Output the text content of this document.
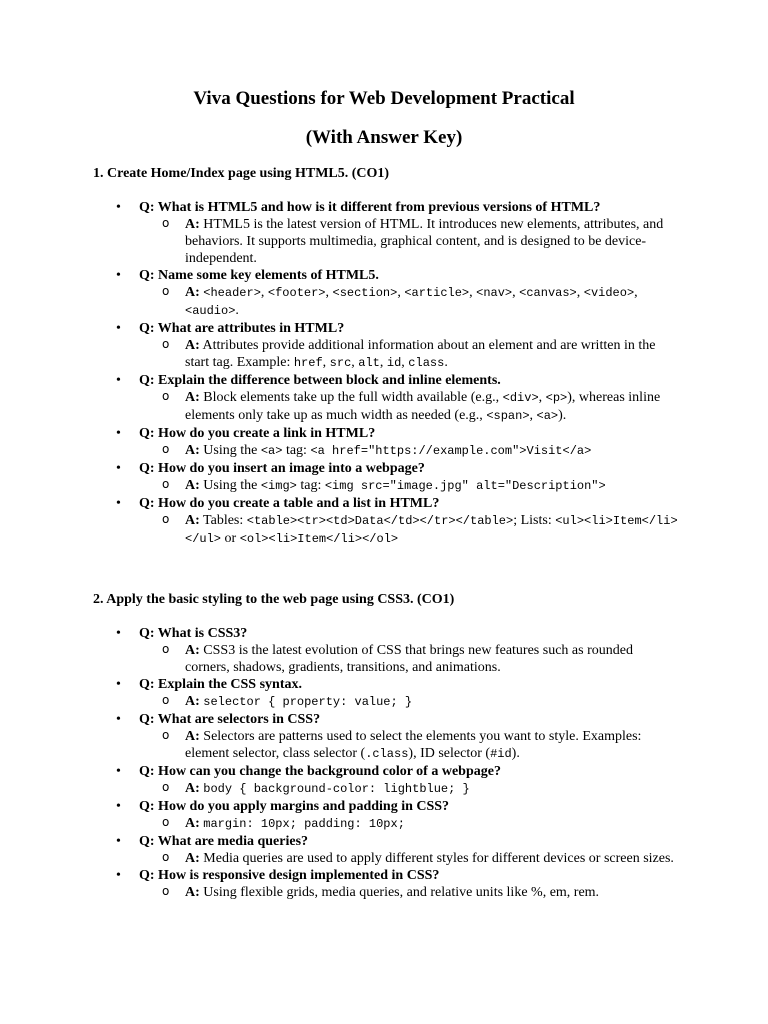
Viva Questions for Web Development Practical
(With Answer Key)
1. Create Home/Index page using HTML5. (CO1)
• Q: What is HTML5 and how is it different from previous versions of HTML?
o A: HTML5 is the latest version of HTML. It introduces new elements, attributes, and behaviors. It supports multimedia, graphical content, and is designed to be device-independent.
• Q: Name some key elements of HTML5.
o A: <header>, <footer>, <section>, <article>, <nav>, <canvas>, <video>, <audio>.
• Q: What are attributes in HTML?
o A: Attributes provide additional information about an element and are written in the start tag. Example: href, src, alt, id, class.
• Q: Explain the difference between block and inline elements.
o A: Block elements take up the full width available (e.g., <div>, <p>), whereas inline elements only take up as much width as needed (e.g., <span>, <a>).
• Q: How do you create a link in HTML?
o A: Using the <a> tag: <a href="https://example.com">Visit</a>
• Q: How do you insert an image into a webpage?
o A: Using the <img> tag: <img src="image.jpg" alt="Description">
• Q: How do you create a table and a list in HTML?
o A: Tables: <table><tr><td>Data</td></tr></table>; Lists: <ul><li>Item</li></ul> or <ol><li>Item</li></ol>
2. Apply the basic styling to the web page using CSS3. (CO1)
• Q: What is CSS3?
o A: CSS3 is the latest evolution of CSS that brings new features such as rounded corners, shadows, gradients, transitions, and animations.
• Q: Explain the CSS syntax.
o A: selector { property: value; }
• Q: What are selectors in CSS?
o A: Selectors are patterns used to select the elements you want to style. Examples: element selector, class selector (.class), ID selector (#id).
• Q: How can you change the background color of a webpage?
o A: body { background-color: lightblue; }
• Q: How do you apply margins and padding in CSS?
o A: margin: 10px; padding: 10px;
• Q: What are media queries?
o A: Media queries are used to apply different styles for different devices or screen sizes.
• Q: How is responsive design implemented in CSS?
o A: Using flexible grids, media queries, and relative units like %, em, rem.
